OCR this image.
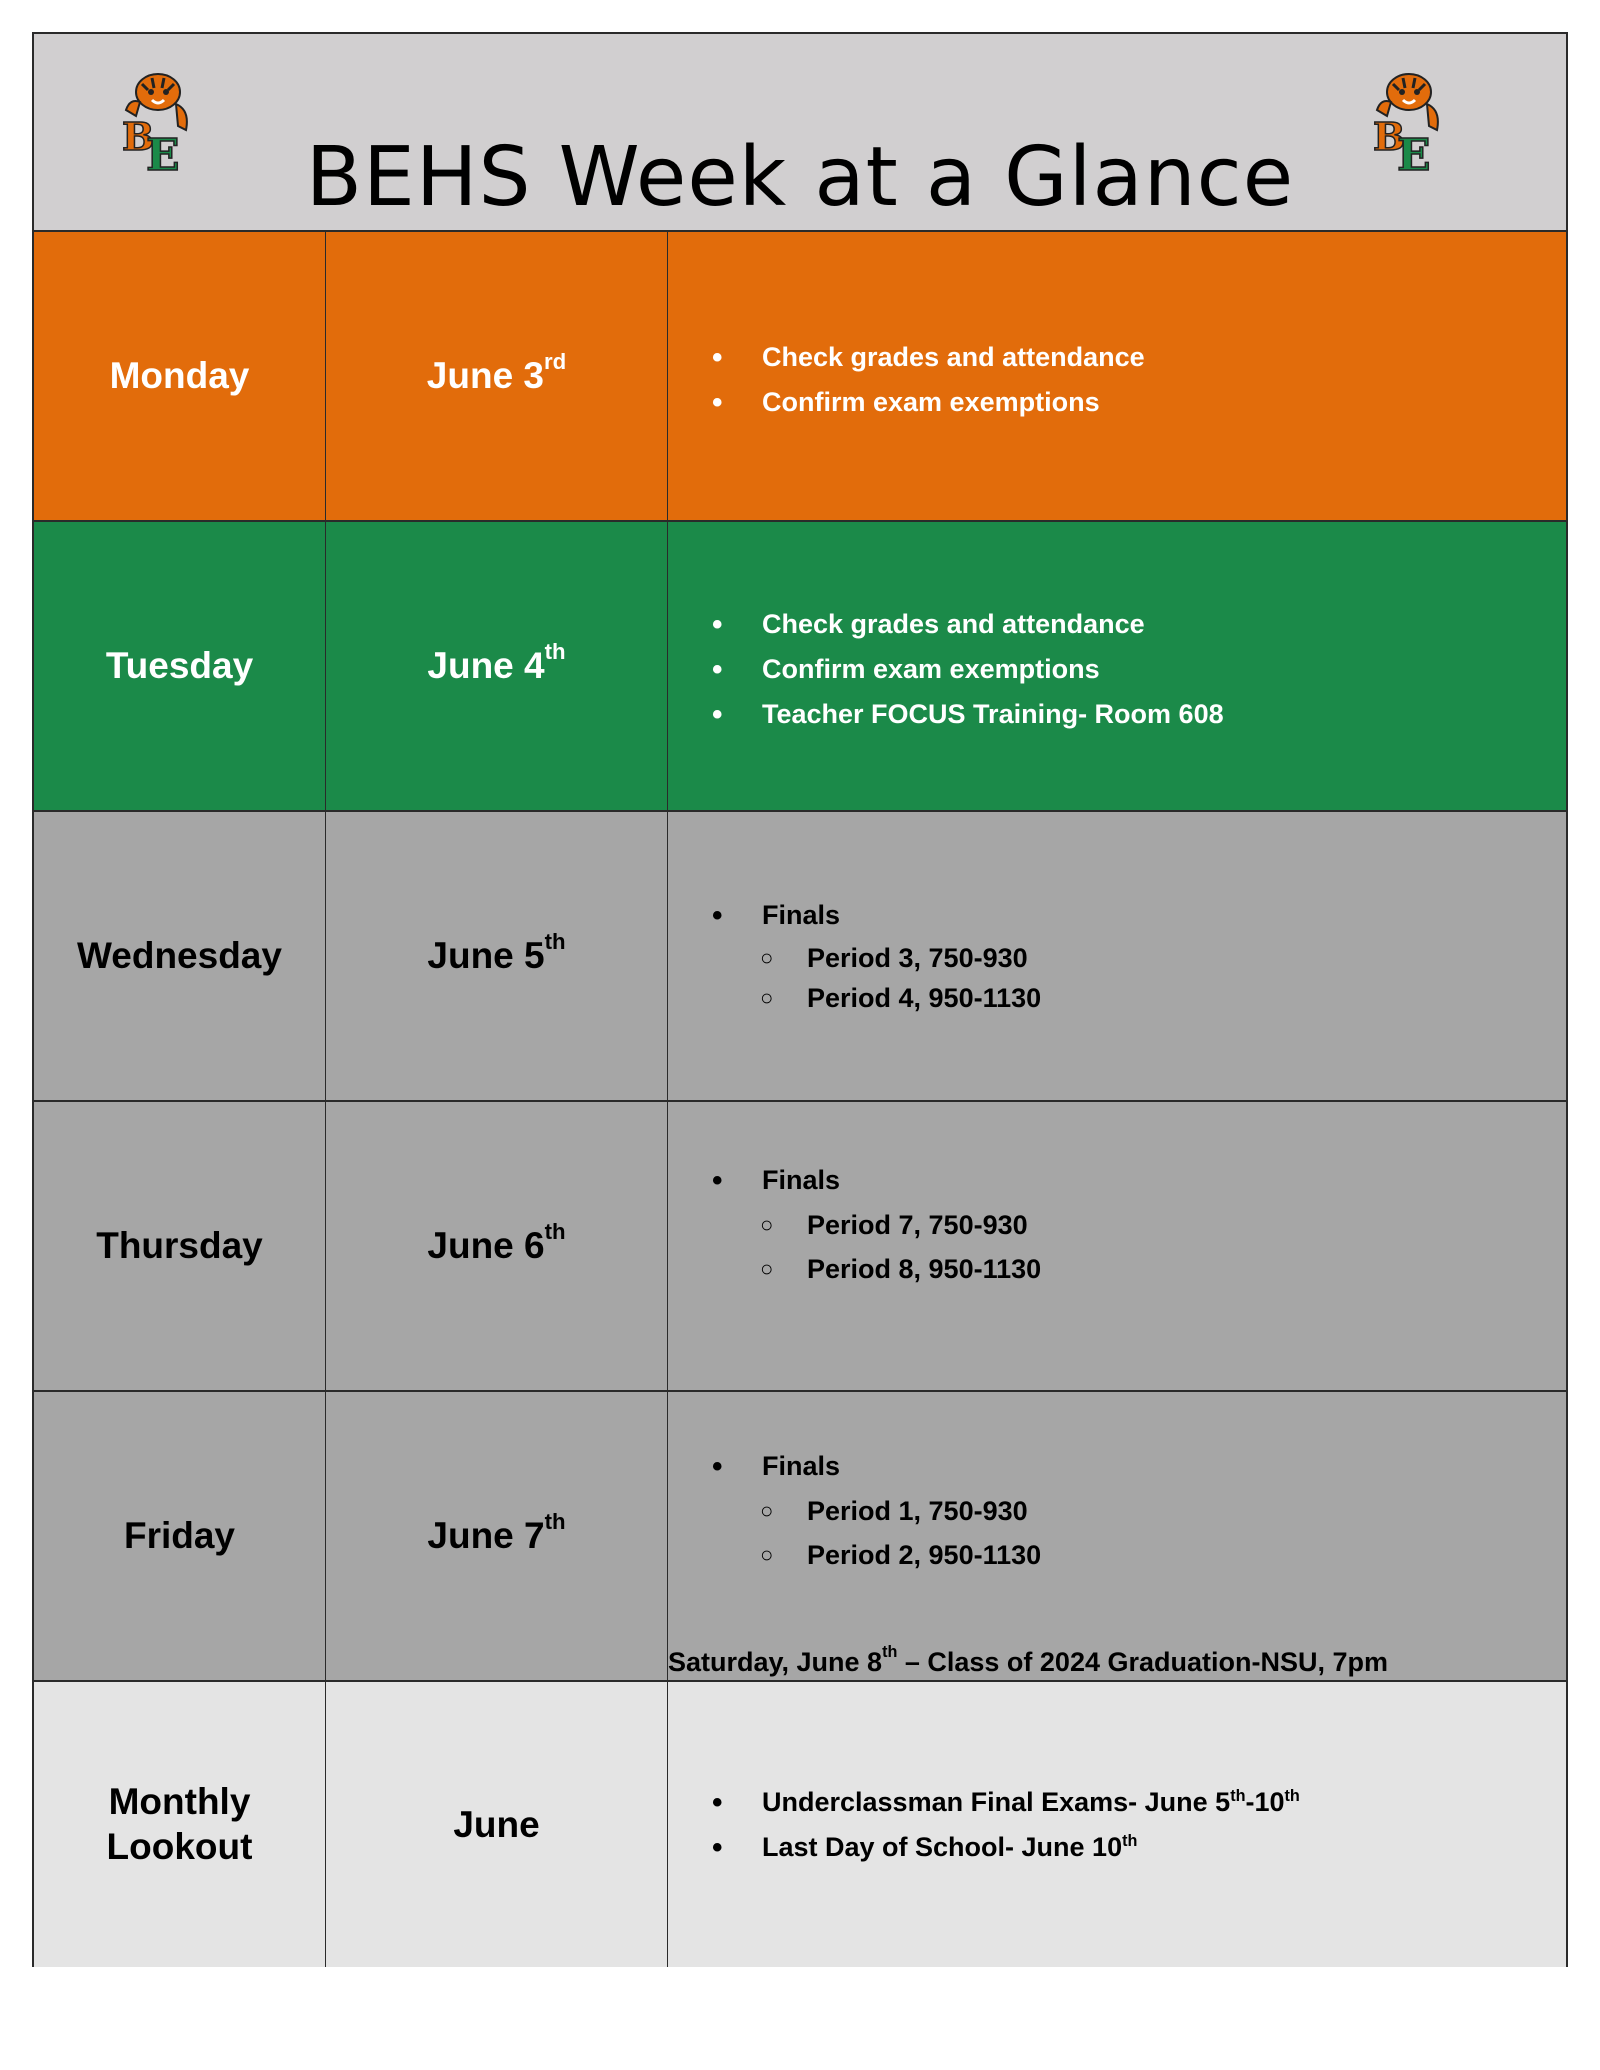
B
E	BEHS Week at a Glance	B
E
Monday	June 3rd
•	Check grades and attendance
• Confirm exam exemptions
Tuesday	June 4th
• Check grades and attendance
• Confirm exam exemptions
• Teacher FOCUS Training- Room 608
Wednesday	June 5th
• Finals
○ Period 3, 750-930
○ Period 4, 950-1130
Thursday	June 6th
• Finals
○ Period 7, 750-930
○ Period 8, 950-1130
Friday	June 7th
• Finals
○ Period 1, 750-930
○ Period 2, 950-1130
Saturday, June 8th – Class of 2024 Graduation-NSU, 7pm
Monthly
Lookout
June
• Underclassman Final Exams- June 5th-10th
• Last Day of School- June 10th
